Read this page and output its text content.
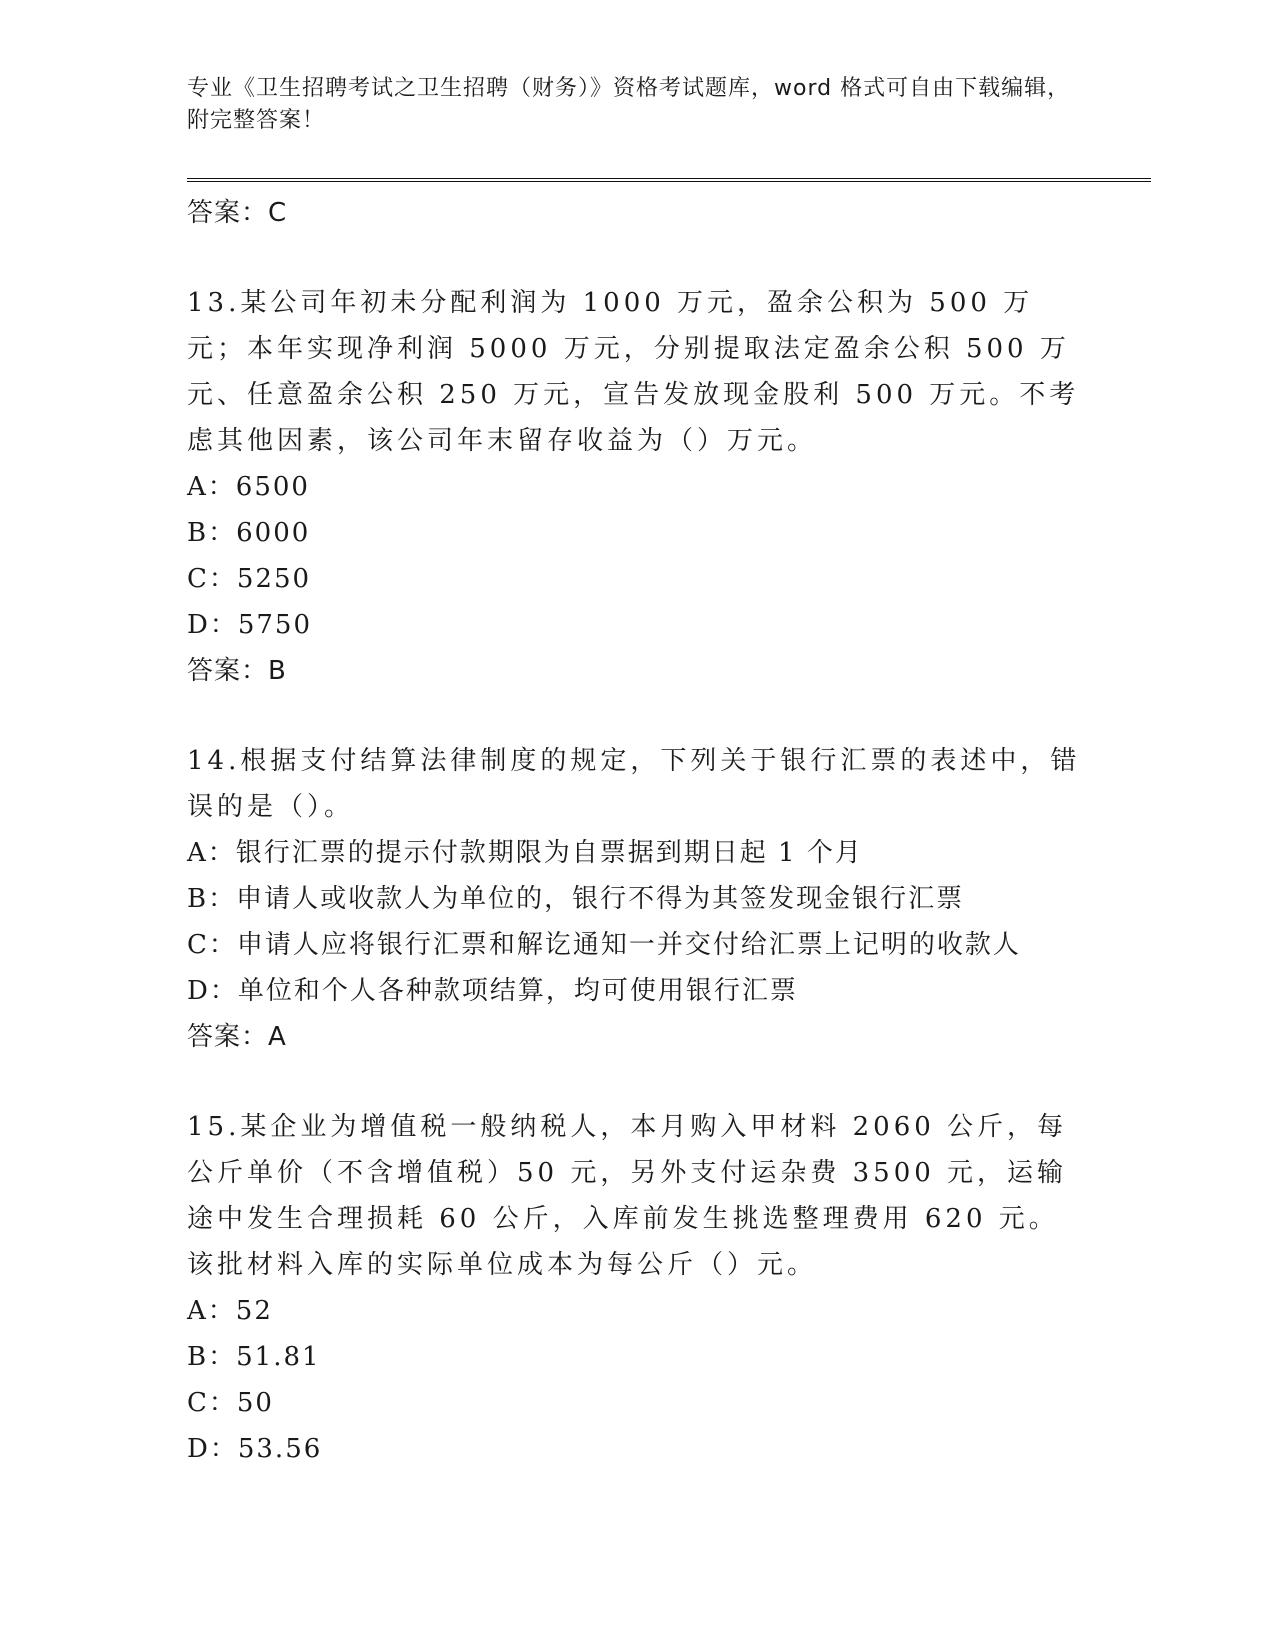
专业《卫生招聘考试之卫生招聘（财务）》资格考试题库，word 格式可自由下载编辑，附完整答案！
答案：C
13.某公司年初未分配利润为 1000 万元，盈余公积为 500 万元；本年实现净利润 5000 万元，分别提取法定盈余公积 500 万元、任意盈余公积 250 万元，宣告发放现金股利 500 万元。不考虑其他因素，该公司年末留存收益为（）万元。
A：6500
B：6000
C：5250
D：5750
答案：B
14.根据支付结算法律制度的规定，下列关于银行汇票的表述中，错误的是（）。
A：银行汇票的提示付款期限为自票据到期日起 1 个月
B：申请人或收款人为单位的，银行不得为其签发现金银行汇票
C：申请人应将银行汇票和解讫通知一并交付给汇票上记明的收款人
D：单位和个人各种款项结算，均可使用银行汇票
答案：A
15.某企业为增值税一般纳税人，本月购入甲材料 2060 公斤，每公斤单价（不含增值税）50 元，另外支付运杂费 3500 元，运输途中发生合理损耗 60 公斤，入库前发生挑选整理费用 620 元。该批材料入库的实际单位成本为每公斤（）元。
A：52
B：51.81
C：50
D：53.56
